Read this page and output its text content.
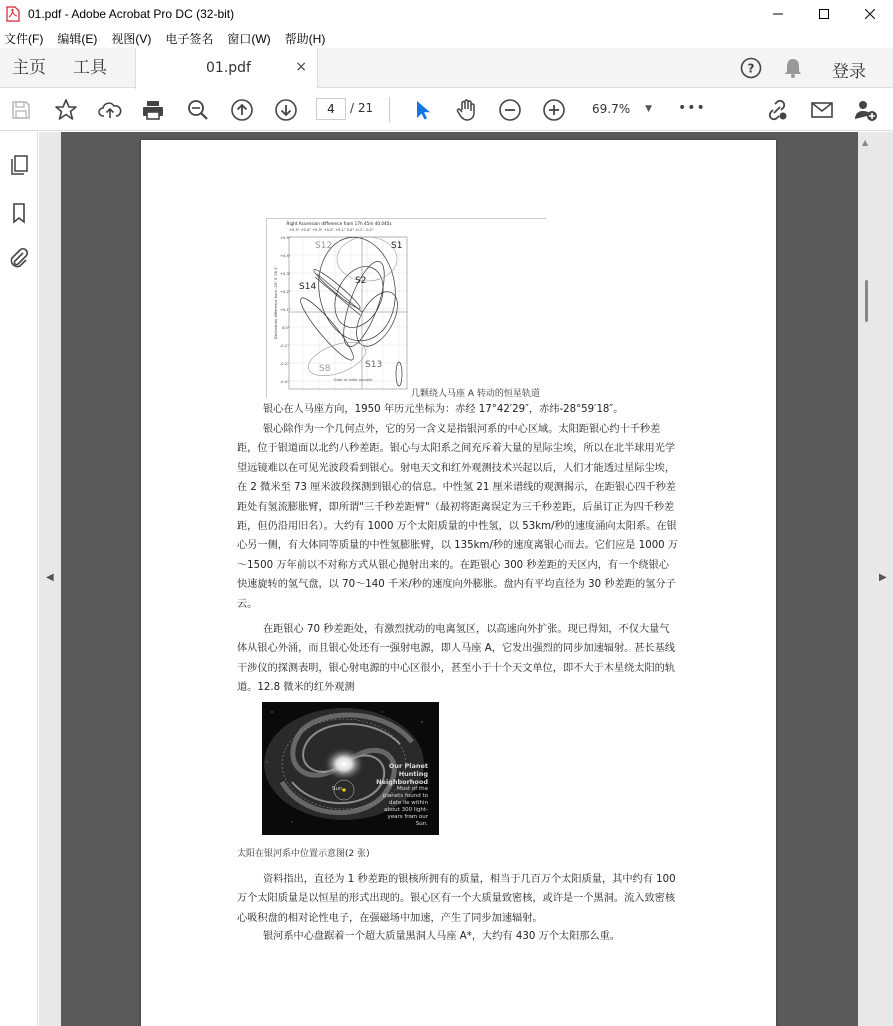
01.pdf - Adobe Acrobat Pro DC (32-bit)
文件(F) 编辑(E) 视图(V) 电子签名 窗口(W) 帮助(H)
主页 工具	01.pdf	×	?	登录
4	/ 21	69.7% ▼ •••
◀	▶
▲
Right Ascension difference from 17h 45m 40.045s
+0.5" +0.4" +0.3" +0.2" +0.1" 0.0" -0.1" -0.2"
Declination difference from -29° 0' 28.1"
+0.5"
+0.4"
+0.3"
+0.2"
+0.1"
0.0"
-0.1"
-0.2"
-0.4"
S12	S1
S2
S14
S8	S13
Orbit of outer planets
几颗绕人马座 A 转动的恒星轨道
银心在人马座方向，1950 年历元坐标为：赤经 17°42′29″，赤纬-28°59′18″。
银心除作为一个几何点外，它的另一含义是指银河系的中心区域。太阳距银心约十千秒差距，位于银道面以北约八秒差距。银心与太阳系之间充斥着大量的星际尘埃，所以在北半球用光学望远镜难以在可见光波段看到银心。射电天文和红外观测技术兴起以后，人们才能透过星际尘埃，在 2 微米至 73 厘米波段探测到银心的信息。中性氢 21 厘米谱线的观测揭示，在距银心四千秒差距处有氢流膨胀臂，即所谓"三千秒差距臂"（最初将距离误定为三千秒差距，后虽订正为四千秒差距，但仍沿用旧名）。大约有 1000 万个太阳质量的中性氢，以 53km/秒的速度涌向太阳系。在银心另一侧，有大体同等质量的中性氢膨胀臂，以 135km/秒的速度离银心而去。它们应是 1000 万～1500 万年前以不对称方式从银心抛射出来的。在距银心 300 秒差距的天区内，有一个绕银心快速旋转的氢气盘，以 70～140 千米/秒的速度向外膨胀。盘内有平均直径为 30 秒差距的氢分子云。
在距银心 70 秒差距处，有激烈扰动的电离氢区，以高速向外扩张。现已得知，不仅大量气体从银心外涌，而且银心处还有一强射电源，即人马座 A，它发出强烈的同步加速辐射。甚长基线干涉仪的探测表明，银心射电源的中心区很小，甚至小于十个天文单位，即不大于木星绕太阳的轨道。12.8 微米的红外观测
Our Planet Hunting Neighborhood
Most of the planets found to date lie within about 300 light-years from our Sun.
Sun
太阳在银河系中位置示意图(2 张)
资料指出，直径为 1 秒差距的银核所拥有的质量，相当于几百万个太阳质量，其中约有 100 万个太阳质量是以恒星的形式出现的。银心区有一个大质量致密核，或许是一个黑洞。流入致密核心吸积盘的相对论性电子，在强磁场中加速，产生了同步加速辐射。
银河系中心盘踞着一个超大质量黑洞人马座 A*，大约有 430 万个太阳那么重。
